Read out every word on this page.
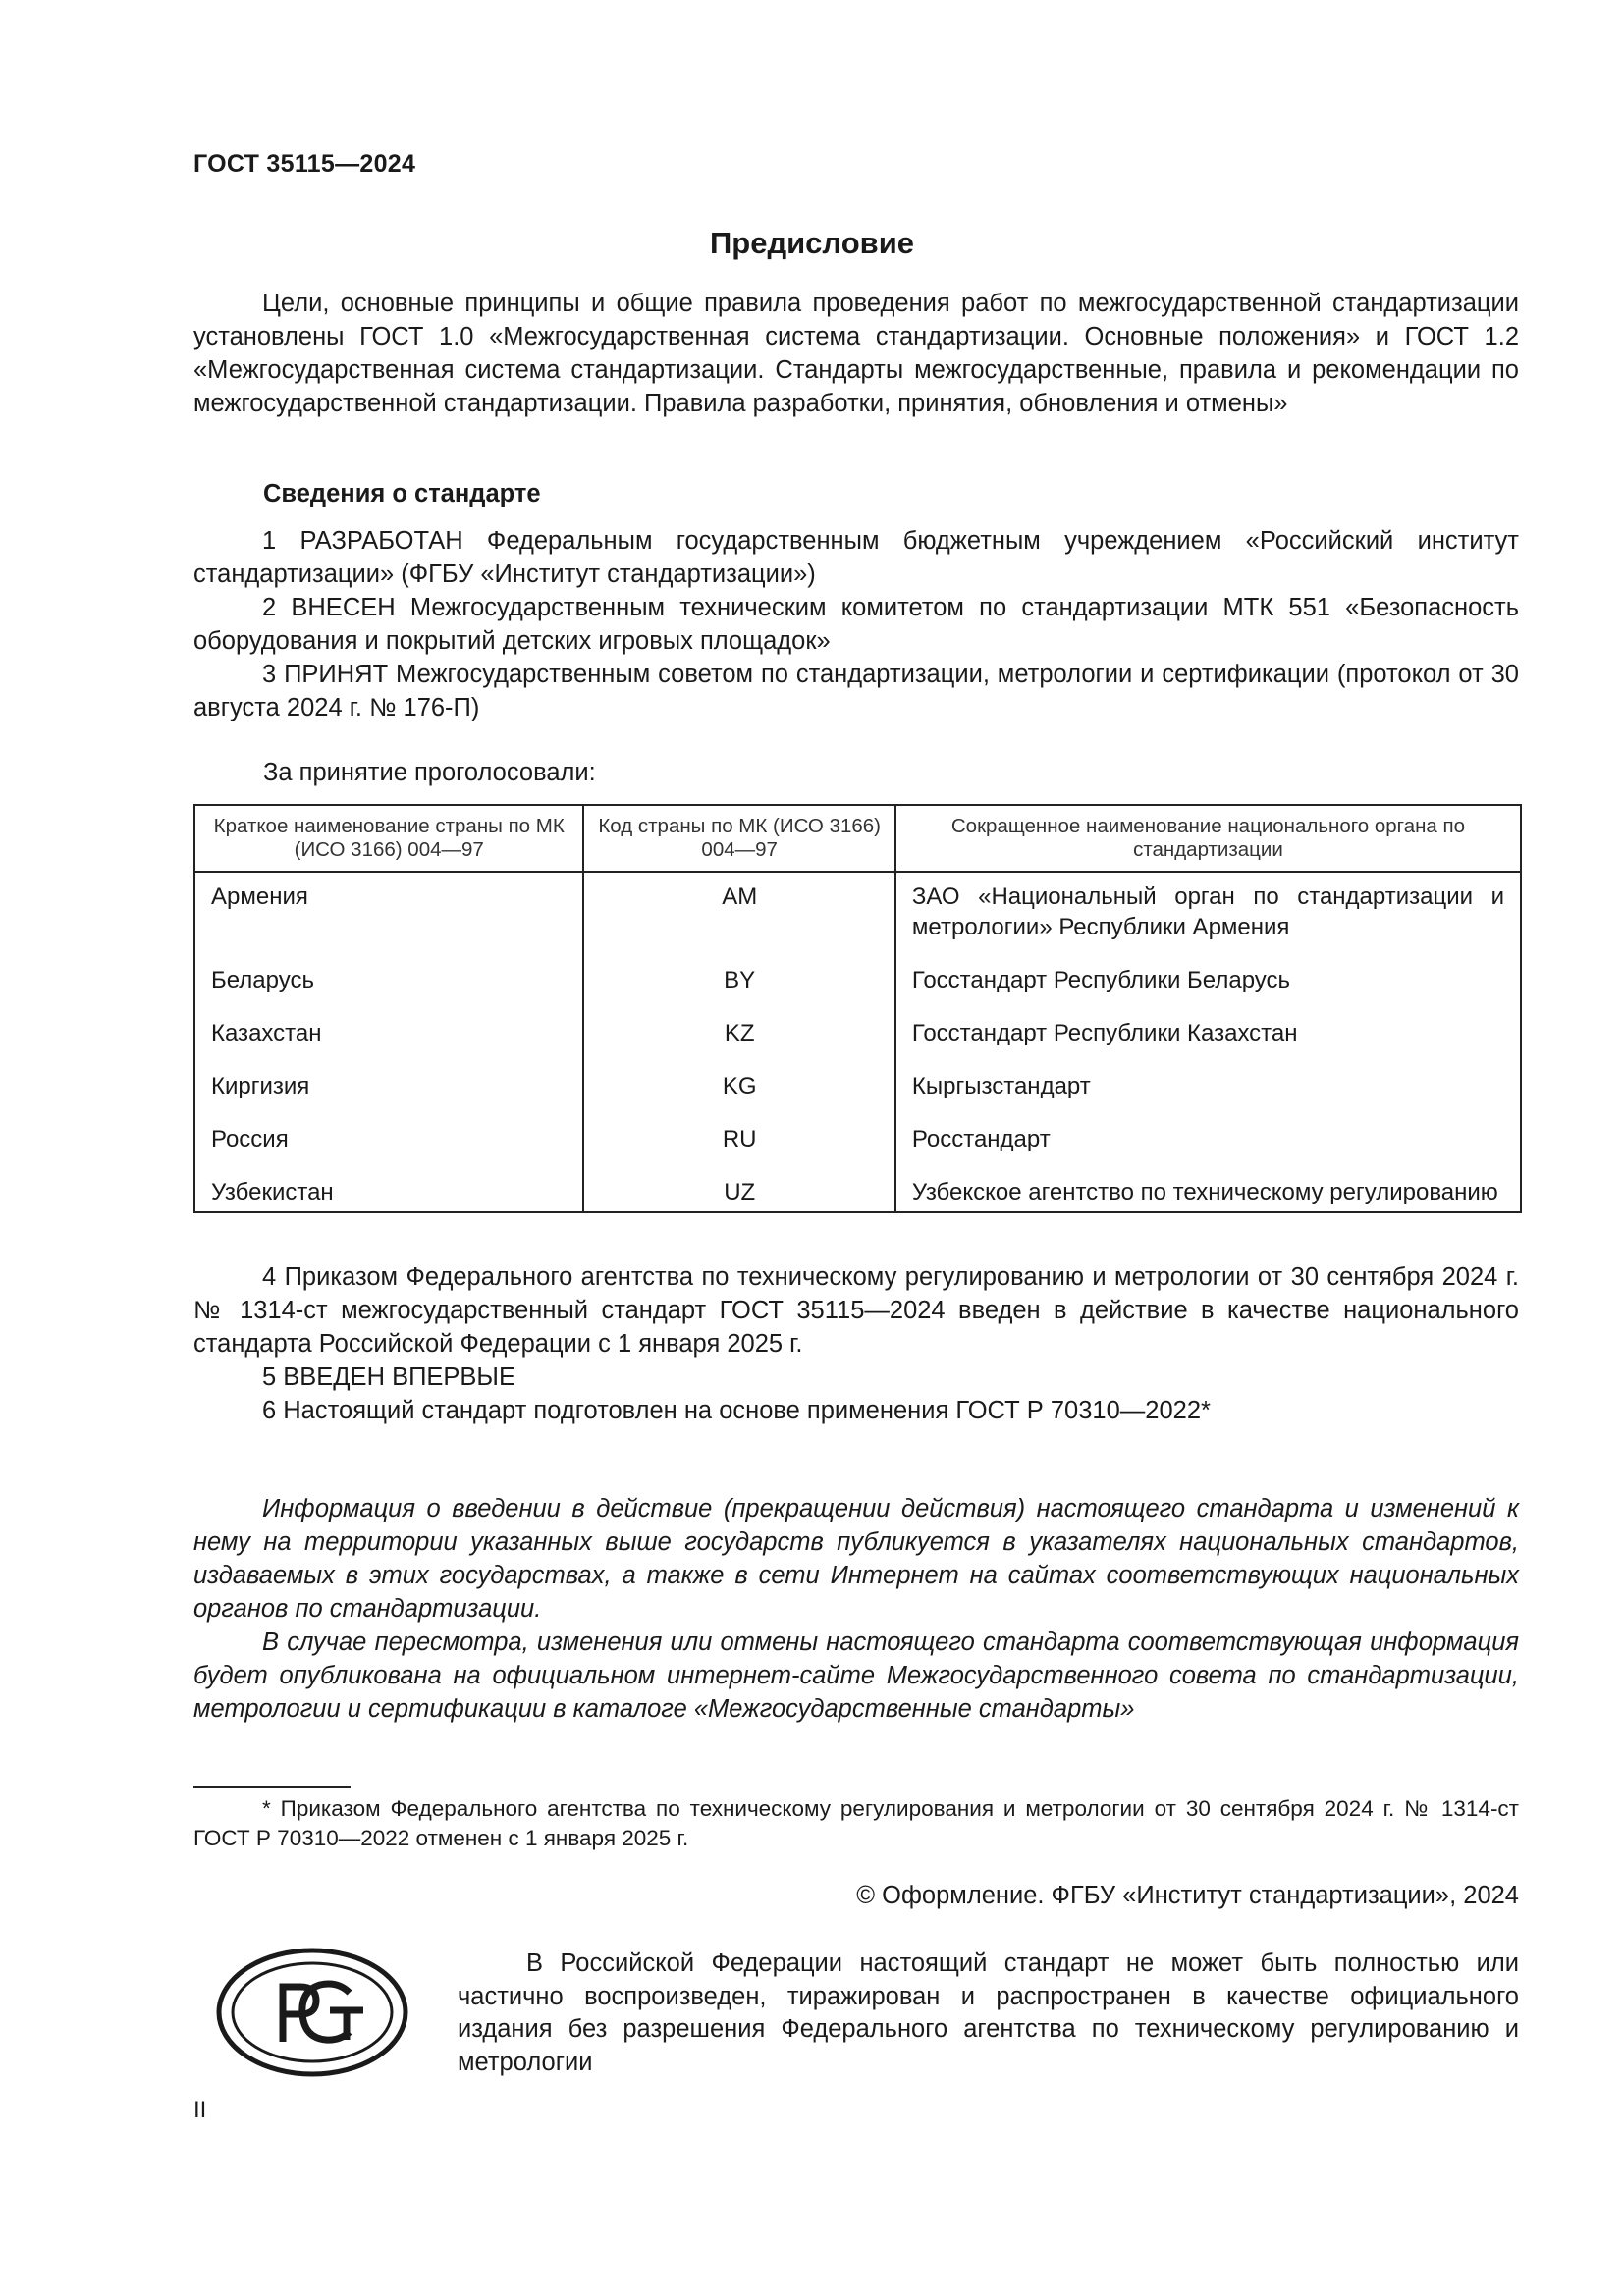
ГОСТ 35115—2024
Предисловие

Цели, основные принципы и общие правила проведения работ по межгосударственной стандартизации установлены ГОСТ 1.0 «Межгосударственная система стандартизации. Основные положения» и ГОСТ 1.2 «Межгосударственная система стандартизации. Стандарты межгосударственные, правила и рекомендации по межгосударственной стандартизации. Правила разработки, принятия, обновления и отмены»

Сведения о стандарте

1 РАЗРАБОТАН Федеральным государственным бюджетным учреждением «Российский институт стандартизации» (ФГБУ «Институт стандартизации»)

2 ВНЕСЕН Межгосударственным техническим комитетом по стандартизации МТК 551 «Безопасность оборудования и покрытий детских игровых площадок»

3 ПРИНЯТ Межгосударственным советом по стандартизации, метрологии и сертификации (протокол от 30 августа 2024 г. № 176-П)

За принятие проголосовали:
Краткое наименование страны по МК (ИСО 3166) 004—97	Код страны по МК (ИСО 3166) 004—97	Сокращенное наименование национального органа по стандартизации
Армения	AM	ЗАО «Национальный орган по стандартизации и метрологии» Республики Армения
Беларусь	BY	Госстандарт Республики Беларусь
Казахстан	KZ	Госстандарт Республики Казахстан
Киргизия	KG	Кыргызстандарт
Россия	RU	Росстандарт
Узбекистан	UZ	Узбекское агентство по техническому регулированию

4 Приказом Федерального агентства по техническому регулированию и метрологии от 30 сентября 2024 г. № 1314-ст межгосударственный стандарт ГОСТ 35115—2024 введен в действие в качестве национального стандарта Российской Федерации с 1 января 2025 г.

5 ВВЕДЕН ВПЕРВЫЕ

6 Настоящий стандарт подготовлен на основе применения ГОСТ Р 70310—2022*

Информация о введении в действие (прекращении действия) настоящего стандарта и изменений к нему на территории указанных выше государств публикуется в указателях национальных стандартов, издаваемых в этих государствах, а также в сети Интернет на сайтах соответствующих национальных органов по стандартизации.

В случае пересмотра, изменения или отмены настоящего стандарта соответствующая информация будет опубликована на официальном интернет-сайте Межгосударственного совета по стандартизации, метрологии и сертификации в каталоге «Межгосударственные стандарты»

* Приказом Федерального агентства по техническому регулирования и метрологии от 30 сентября 2024 г. № 1314-ст ГОСТ Р 70310—2022 отменен с 1 января 2025 г.

© Оформление. ФГБУ «Институт стандартизации», 2024

В Российской Федерации настоящий стандарт не может быть полностью или частично воспроизведен, тиражирован и распространен в качестве официального издания без разрешения Федерального агентства по техническому регулированию и метрологии

II
